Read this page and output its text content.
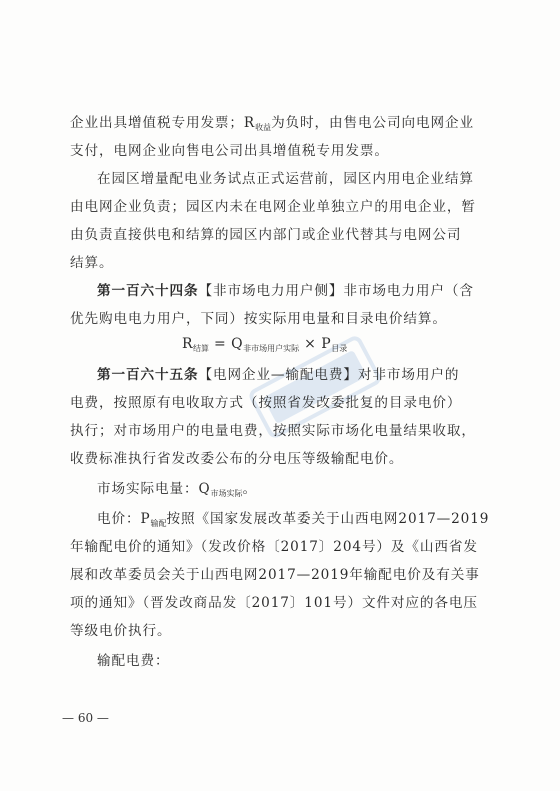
企业出具增值税专用发票；$R_{收益}$为负时，由售电公司向电网企业
支付，电网企业向售电公司出具增值税专用发票。
在园区增量配电业务试点正式运营前，园区内用电企业结算
由电网企业负责；园区内未在电网企业单独立户的用电企业，暂
由负责直接供电和结算的园区内部门或企业代替其与电网公司
结算。
第一百六十四条【非市场电力用户侧】非市场电力用户（含
优先购电电力用户，下同）按实际用电量和目录电价结算。
$R_{结算} = Q_{非市场用户实际} \times P_{目录}$
第一百六十五条【电网企业—输配电费】对非市场用户的
电费，按照原有电收取方式（按照省发改委批复的目录电价）
执行；对市场用户的电量电费，按照实际市场化电量结果收取，
收费标准执行省发改委公布的分电压等级输配电价。
市场实际电量：$Q_{市场实际}$。
电价：$P_{输配}$按照《国家发展改革委关于山西电网2017—2019
年输配电价的通知》（发改价格〔2017〕204号）及《山西省发
展和改革委员会关于山西电网2017—2019年输配电价及有关事
项的通知》（晋发改商品发〔2017〕101号）文件对应的各电压
等级电价执行。
输配电费：
— 60 —
